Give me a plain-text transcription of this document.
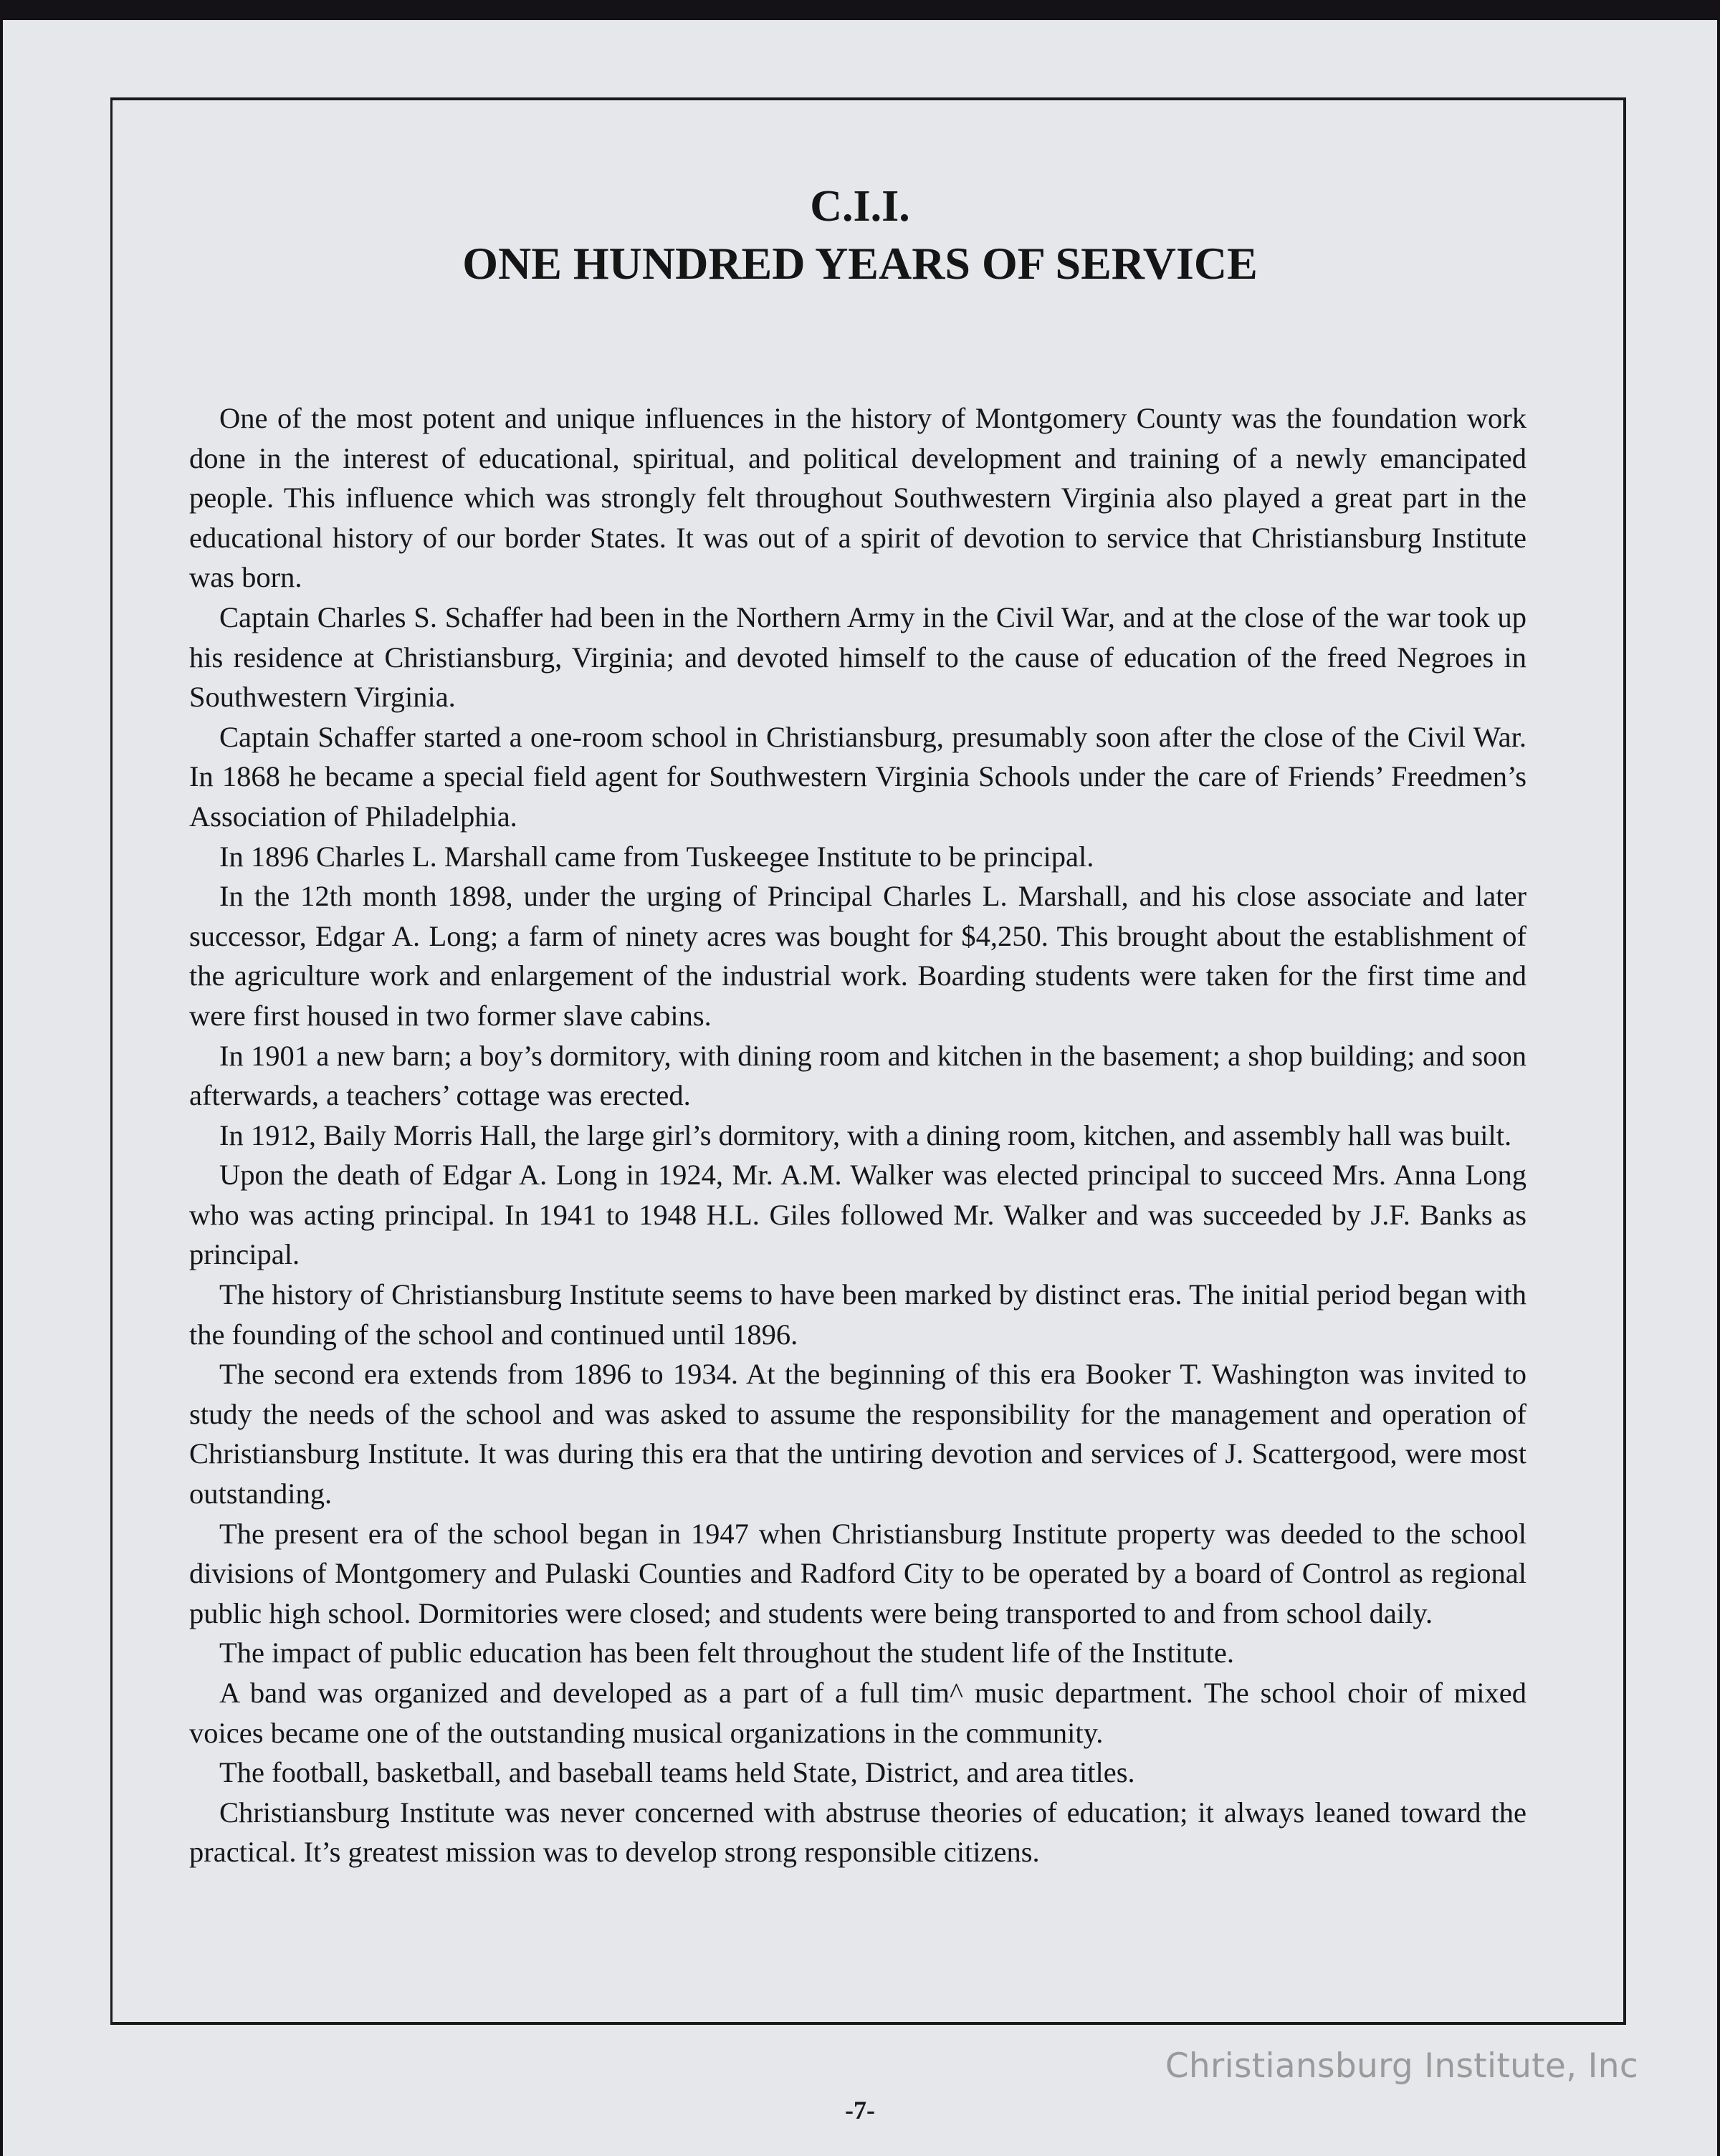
C.I.I.
ONE HUNDRED YEARS OF SERVICE

One of the most potent and unique influences in the history of Montgomery County was the foundation work done in the interest of educational, spiritual, and political development and training of a newly emancipated people. This influence which was strongly felt throughout Southwestern Virginia also played a great part in the educational history of our border States. It was out of a spirit of devotion to service that Christiansburg Institute was born.

Captain Charles S. Schaffer had been in the Northern Army in the Civil War, and at the close of the war took up his residence at Christiansburg, Virginia; and devoted himself to the cause of education of the freed Negroes in Southwestern Virginia.

Captain Schaffer started a one-room school in Christiansburg, presumably soon after the close of the Civil War. In 1868 he became a special field agent for Southwestern Virginia Schools under the care of Friends’ Freedmen’s Association of Philadelphia.

In 1896 Charles L. Marshall came from Tuskeegee Institute to be principal.

In the 12th month 1898, under the urging of Principal Charles L. Marshall, and his close associate and later successor, Edgar A. Long; a farm of ninety acres was bought for $4,250. This brought about the establishment of the agriculture work and enlargement of the industrial work. Boarding students were taken for the first time and were first housed in two former slave cabins.

In 1901 a new barn; a boy’s dormitory, with dining room and kitchen in the basement; a shop building; and soon afterwards, a teachers’ cottage was erected.

In 1912, Baily Morris Hall, the large girl’s dormitory, with a dining room, kitchen, and assembly hall was built.

Upon the death of Edgar A. Long in 1924, Mr. A.M. Walker was elected principal to succeed Mrs. Anna Long who was acting principal. In 1941 to 1948 H.L. Giles followed Mr. Walker and was succeeded by J.F. Banks as principal.

The history of Christiansburg Institute seems to have been marked by distinct eras. The initial period began with the founding of the school and continued until 1896.

The second era extends from 1896 to 1934. At the beginning of this era Booker T. Washington was invited to study the needs of the school and was asked to assume the responsibility for the management and operation of Christiansburg Institute. It was during this era that the untiring devotion and services of J. Scattergood, were most outstanding.

The present era of the school began in 1947 when Christiansburg Institute property was deeded to the school divisions of Montgomery and Pulaski Counties and Radford City to be operated by a board of Control as regional public high school. Dormitories were closed; and students were being transported to and from school daily.

The impact of public education has been felt throughout the student life of the Institute.

A band was organized and developed as a part of a full tim^ music department. The school choir of mixed voices became one of the outstanding musical organizations in the community.

The football, basketball, and baseball teams held State, District, and area titles.

Christiansburg Institute was never concerned with abstruse theories of education; it always leaned toward the practical. It’s greatest mission was to develop strong responsible citizens.

Christiansburg Institute, Inc
-7-
